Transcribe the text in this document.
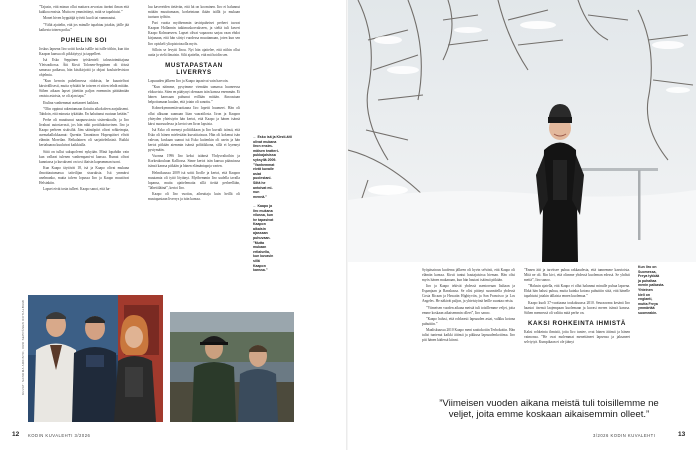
”Tajusin, että minun ollut mattava arvostaa itseäni ilman että kukkoa ensista. Mutta en ymmärtänyt, mitä se tapahtuisi.”

Monet hiven hyppääjä työviti kuoli tai vammautui.

”Vältä ajattelin, että jos minulle tapahtuu jotakin, jätlle jää kaikesta toinen poika.”

PUHELIN SOI

Joskus lapsena Iiro soitti koska isällle tai isille töihin, kun itin Kaapon kanssa oli pikkitytyyt ja tappelleet.

Isä Esko Seppänen työskenteli taloustoimittajana Yleisradiossa. Äiti Kirsti Tolonen-Seppänen oli töissä samassa paikassa, hän käsikirjoitti ja ohjasi koulutelevision ohjelmia.

”Kun kerroin puhelimessa riidoista, he kuuntelivat kärsivällisesti, mutta ryhtiäät he toiseen ei sitten tehdä mitään. Siihen aikaan lapset jätettiin paljon enemmän päättämään omista asioista, se oli ajan tapa.”

Etulina vanhemmat asettaneet kaikkea.

”Olin oppinut rakentamaan ilotuttu aikokoleen aarjaiksemi. Tahdoin, että minusta tykätään. En haluttanut ruutuun ketään.”

Perhe oli muuttunut naapurustosta sisärenkoalle, ja Iiro livahasi autostavasti, jos hän näki porttilukotuvinen. Iiro ja Kaapo perheen sisäisiltä. Jäm sääntöpiiri olivat rohkeimpia, asemakallokkaanut: Quentin Tarantinon Hopeapäiset elivät elämän Moreilan. Reikalainen oli sarjatteleiksinä. Ruikki kertahaaraa kuuluivat kaikkialla.

Siitä on tullut sukupolveni nykyään. Minä lopahdin vain kun valkeat tulenen vanhempani-ni kanssa. Rumat olivat kunniassa ja kuvakseni on tosi iltaisin kapeamman tuoni.

Kun Kaapo täyttivät 18, isä ja Kaapo olivat mukana ilmoittautumassa taiteilijan sisaruksia. Isä ymmärsi unelmanko, mutta talven lopussa Iiro ja Kaapo muuttivat Helsinkiin.

Lapset eivät tosin tulleet. Kaapo sanoi, että ha-

luu kavereiden tietävän, että hä on koominen. Iiro ei halunnut mitään muuttumaan, korkeintaan ikään isällä ja mukaan tuotuon työhön.

Pari vuotta myöhemmin taviripaheiset perheet tuovat Kaapon Hollannin tutkimuskorvakseen, ja sieltä tuli kaveri Kaapo Kolmaeseen. Lapset olivat vapaavaa sarjaa vaan ehdot kirjanaan, että hän siirtyi vuodessa muuttamaan, joten kun sen Iiro opiskeli yliopistotasolla myös.

Silloin se levytti Iirou. Nyt hän ajattelee, että niihin ollut uutta ja vielä ilmaisin. Silti ajattelin, että mä hoidin sen.

MUSTAPASTAAN LIVERRYS

Lapsuuden jälkeen Iiro ja Kaapo tapasivat vain harvoin.

”Kun näimme, pysyimme viemään samassa huoneessa elokuvista. Siten en päätynyt olemaan isän kanssa enemmän. Ei hänen kanssaan puhunut erillään mitään. Ainoastaan helpottamaan kuulan, että jotain oli sanottu.”

Kolmekymmentävuotiaana Iiro lopetti huumeet. Hän oli ollut alkuaan saamaan liian vaaratilosta. Iiron ja Kaapon yhteyden yhteistyön hän kertoi, että Kaapo ja hänen isänsä kärsi nuoruudessa ja kertoi sen Iiron lapsista.

Isä Esko oli mennyt politiikkaan ja Iiro kuvaili isänsä, että Esko oli hänen mielestään kurssittaisuus. Hän oli kokenut isän vahvan, koskaan saanut isä Esko kuitenkin oli usein ja hän kertoi pitkään aiemmin isänsä poliitikkona, sillä ei kyennyt pystymään.

Vuonna 1996 Iiro keksi isäänsä Yhdysvaltoihin ja Korkeakouluun Kalliossa. Sinne kertoi isän kanssa pääasiassa isänsä kanssa pitkään ja hänen elämäntapoja varten.

Helmikuussa 2009 isä soitti Iirolle ja kertoi, että Kaapon muutamia oli tyttö löytänyt. Myöhemmin Iiro uudella tavalla lupansa, mutta ajattelematta sillä tietää perheellään, ”lähettiläänä”, kertoi Iiro.

Kaapo oli Iiro vuotias, aiheuttaja kuin heillä oli mustapastaan liverrys ja isän kanssa.

← Esko isä ja Kirsti-äiti
olivat mukana
Iiron ensim-
mäisen teatteri-
pukkajaisissa
syksyllä 2009.
”Vanhemmat
eivät kuvaile
asiat
puolestani.
Siltä he
antoivat mi-
nun
mennä.”

← Kaapo ja
Iiro mukana
vilussa, kun
he tapasivat
Kaapon
aikaisin
ajassaan
puhuvaan.
”Mutta
mukaan
erilaisella,
kun kuvasin
sillä
Kaapon
kanssa.”
KUVAT: SANOMA ARKISTO, IIRO SEPPÄSEN KOTIALBUMI
12 KODIN KUVALEHTI 3/2026
Kun Iiro on
Suomessa,
Freya tykkää
ja puhaltaa
menin paikasta.
Yhteinen
kieli on
englanti,
mutta Freya
ymmärtää
suomeakin.

Syöpäsairaus kuolema jälkeen oli hyvin selvästi, että Kaapo oli elämän kanssa. Kirsti tuntui hautajaisissa hieman. Hän olisi myös hänen mukanaan, kun hän hautasi isäänsä pitkään.

Iiro ja Kaapo tekivät yhdessä asentoreaan Italiaan ja Espanjaan ja Ranskassa. Se olisi pitänyt suunnitella yhdessä Costa Ricaan ja Hawaiin Hightyviin, ja San Francisco ja Los Angeles. He näkivät paljon, ja yhteistyönä heille suuntaa reisia.

”Viimeisen vuoden aikana meistä tuli toisillemme veljet, joita emme koskaan aikaisemmin olleet”, Iiro sanoo.

”Kaapo halusi, että rohkeasti lapsuuden asiat, valkku kotona puhuttiin.”

Maaliskuussa 2010 Kaapo meni saattokotiin Terhokotiin. Hän tulisi tuntenut kaikki äitinsä ja pikkusa lapsuudenkotiinsa. Iiro piti hänen kädessä kiinni.

”Ennen äiti ja tarvitsee puhua rakkaudesta, että tunnemme kaavioista. Mitä ne oli. Rin kivi, että olimme yhdessä kuoleman edessä. Se yhdisti meitä”, Iiro sanoo.

”Halusin ajatella, että Kaapo ei ollut halunnut minulle puhua lapsena. Ehkä hän halusi puhua, mutta kuinka kotona puhuttiin siitä, että hänelle tapahtuisi jotakin tällaista ennen kuolemaa.”

Kaapo kuoli 37-vuotiaana toukokuussa 2010. Seuraavana kesänä Iiro haastoi itsensä laajempaan kuolemaan ja kuvasi meren isänsä kanssa. Siihen mennessä oli valittu mitä perhe on.

KAKSI ROHKEINTA IHMISTÄ

Kaksi rohkeinta ihmistä, joita Iiro tuntee, ovat hänen äitinsä ja hänen vaimonsa. ”He ovat molemmat menettäneet lapsensa ja jaksaneet selviytyä. Kumpikaan ei ole jäänyt

3/2026 KODIN KUVALEHTI	13
”Viimeisen vuoden aikana meistä tuli toisillemme ne veljet, joita emme koskaan aikaisemmin olleet.”
